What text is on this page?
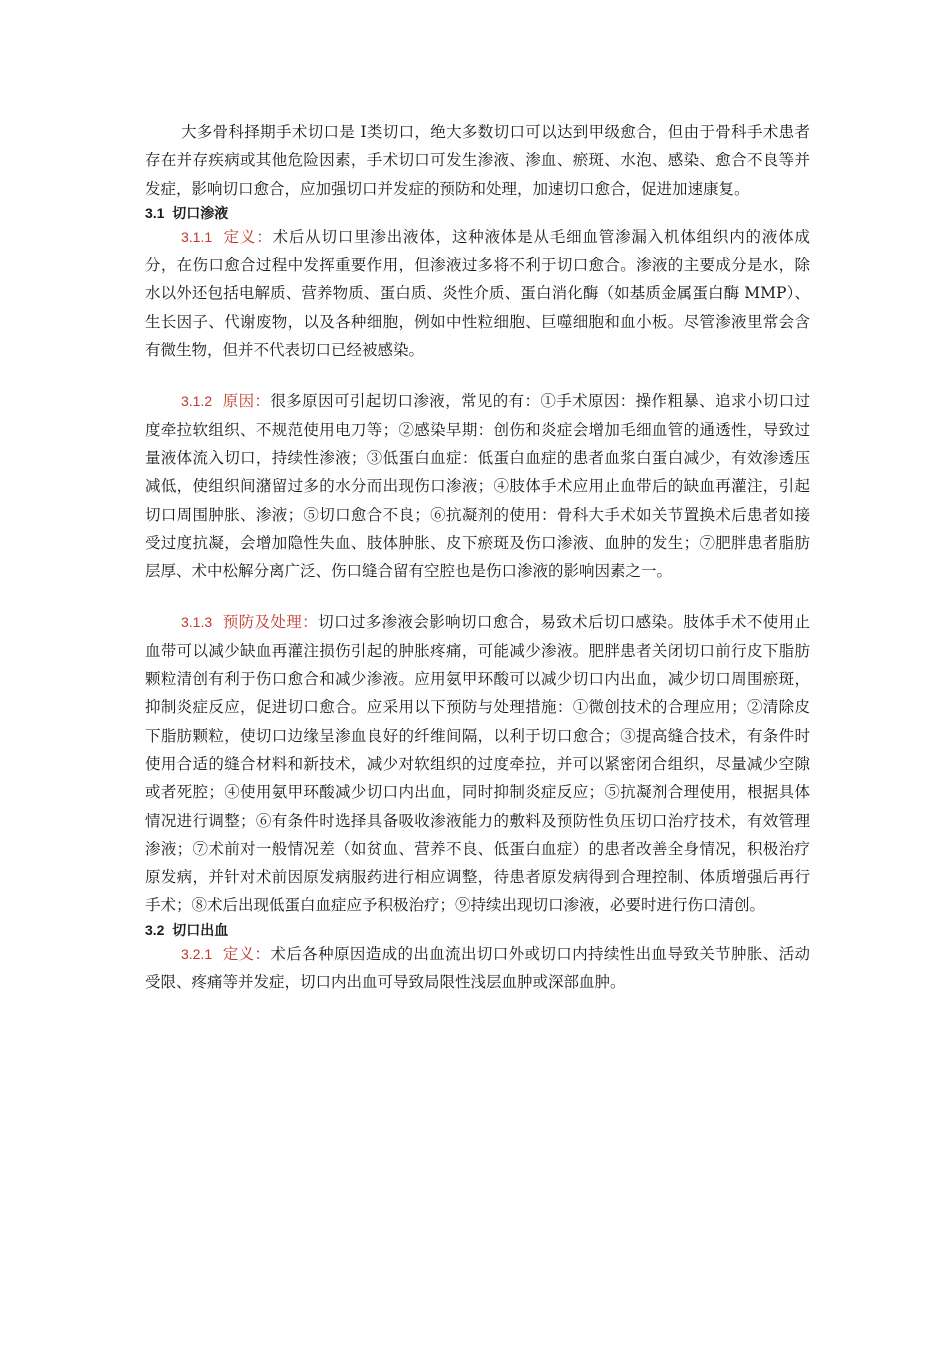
大多骨科择期手术切口是 Ⅰ类切口，绝大多数切口可以达到甲级愈合，但由于骨科手术患者存在并存疾病或其他危险因素，手术切口可发生渗液、渗血、瘀斑、水泡、感染、愈合不良等并发症，影响切口愈合，应加强切口并发症的预防和处理，加速切口愈合，促进加速康复。

3.1 切口渗液

3.1.1 定义：术后从切口里渗出液体，这种液体是从毛细血管渗漏入机体组织内的液体成分，在伤口愈合过程中发挥重要作用，但渗液过多将不利于切口愈合。渗液的主要成分是水，除水以外还包括电解质、营养物质、蛋白质、炎性介质、蛋白消化酶（如基质金属蛋白酶 MMP）、生长因子、代谢废物，以及各种细胞，例如中性粒细胞、巨噬细胞和血小板。尽管渗液里常会含有微生物，但并不代表切口已经被感染。

3.1.2 原因：很多原因可引起切口渗液，常见的有：①手术原因：操作粗暴、追求小切口过度牵拉软组织、不规范使用电刀等；②感染早期：创伤和炎症会增加毛细血管的通透性，导致过量液体流入切口，持续性渗液；③低蛋白血症：低蛋白血症的患者血浆白蛋白减少，有效渗透压减低，使组织间潴留过多的水分而出现伤口渗液；④肢体手术应用止血带后的缺血再灌注，引起切口周围肿胀、渗液；⑤切口愈合不良；⑥抗凝剂的使用：骨科大手术如关节置换术后患者如接受过度抗凝，会增加隐性失血、肢体肿胀、皮下瘀斑及伤口渗液、血肿的发生；⑦肥胖患者脂肪层厚、术中松解分离广泛、伤口缝合留有空腔也是伤口渗液的影响因素之一。

3.1.3 预防及处理：切口过多渗液会影响切口愈合，易致术后切口感染。肢体手术不使用止血带可以减少缺血再灌注损伤引起的肿胀疼痛，可能减少渗液。肥胖患者关闭切口前行皮下脂肪颗粒清创有利于伤口愈合和减少渗液。应用氨甲环酸可以减少切口内出血，减少切口周围瘀斑，抑制炎症反应，促进切口愈合。应采用以下预防与处理措施：①微创技术的合理应用；②清除皮下脂肪颗粒，使切口边缘呈渗血良好的纤维间隔，以利于切口愈合；③提高缝合技术，有条件时使用合适的缝合材料和新技术，减少对软组织的过度牵拉，并可以紧密闭合组织，尽量减少空隙或者死腔；④使用氨甲环酸减少切口内出血，同时抑制炎症反应；⑤抗凝剂合理使用，根据具体情况进行调整；⑥有条件时选择具备吸收渗液能力的敷料及预防性负压切口治疗技术，有效管理渗液；⑦术前对一般情况差（如贫血、营养不良、低蛋白血症）的患者改善全身情况，积极治疗原发病，并针对术前因原发病服药进行相应调整，待患者原发病得到合理控制、体质增强后再行手术；⑧术后出现低蛋白血症应予积极治疗；⑨持续出现切口渗液，必要时进行伤口清创。

3.2 切口出血

3.2.1 定义：术后各种原因造成的出血流出切口外或切口内持续性出血导致关节肿胀、活动受限、疼痛等并发症，切口内出血可导致局限性浅层血肿或深部血肿。
